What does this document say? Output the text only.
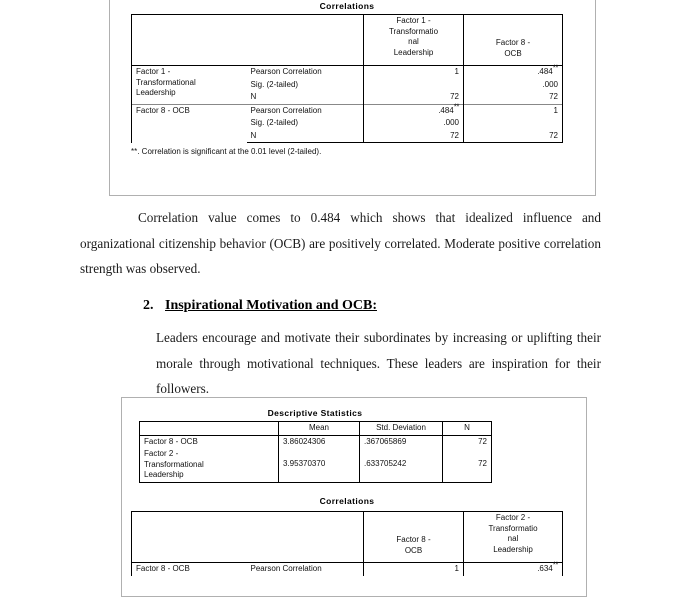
Correlations
		Factor 1 -
Transformatio
nal
Leadership	Factor 8 -
OCB

Factor 1 -
Transformational
Leadership	Pearson Correlation	1	.484**
	Sig. (2-tailed)		.000
	N	72	72
Factor 8 - OCB	Pearson Correlation	.484**	1
	Sig. (2-tailed)	.000	
	N	72	72
**. Correlation is significant at the 0.01 level (2-tailed).
Correlation value comes to 0.484 which shows that idealized influence and organizational citizenship behavior (OCB) are positively correlated. Moderate positive correlation strength was observed.
2. Inspirational Motivation and OCB:
Leaders encourage and motivate their subordinates by increasing or uplifting their morale through motivational techniques. These leaders are inspiration for their followers.
Descriptive Statistics
	Mean	Std. Deviation	N
Factor 8 - OCB	3.86024306	.367065869	72
Factor 2 -
Transformational
Leadership	3.95370370	.633705242	72
Correlations

		Factor 8 -
OCB	Factor 2 -
Transformatio
nal
Leadership
Factor 8 - OCB	Pearson Correlation	1	.634**
